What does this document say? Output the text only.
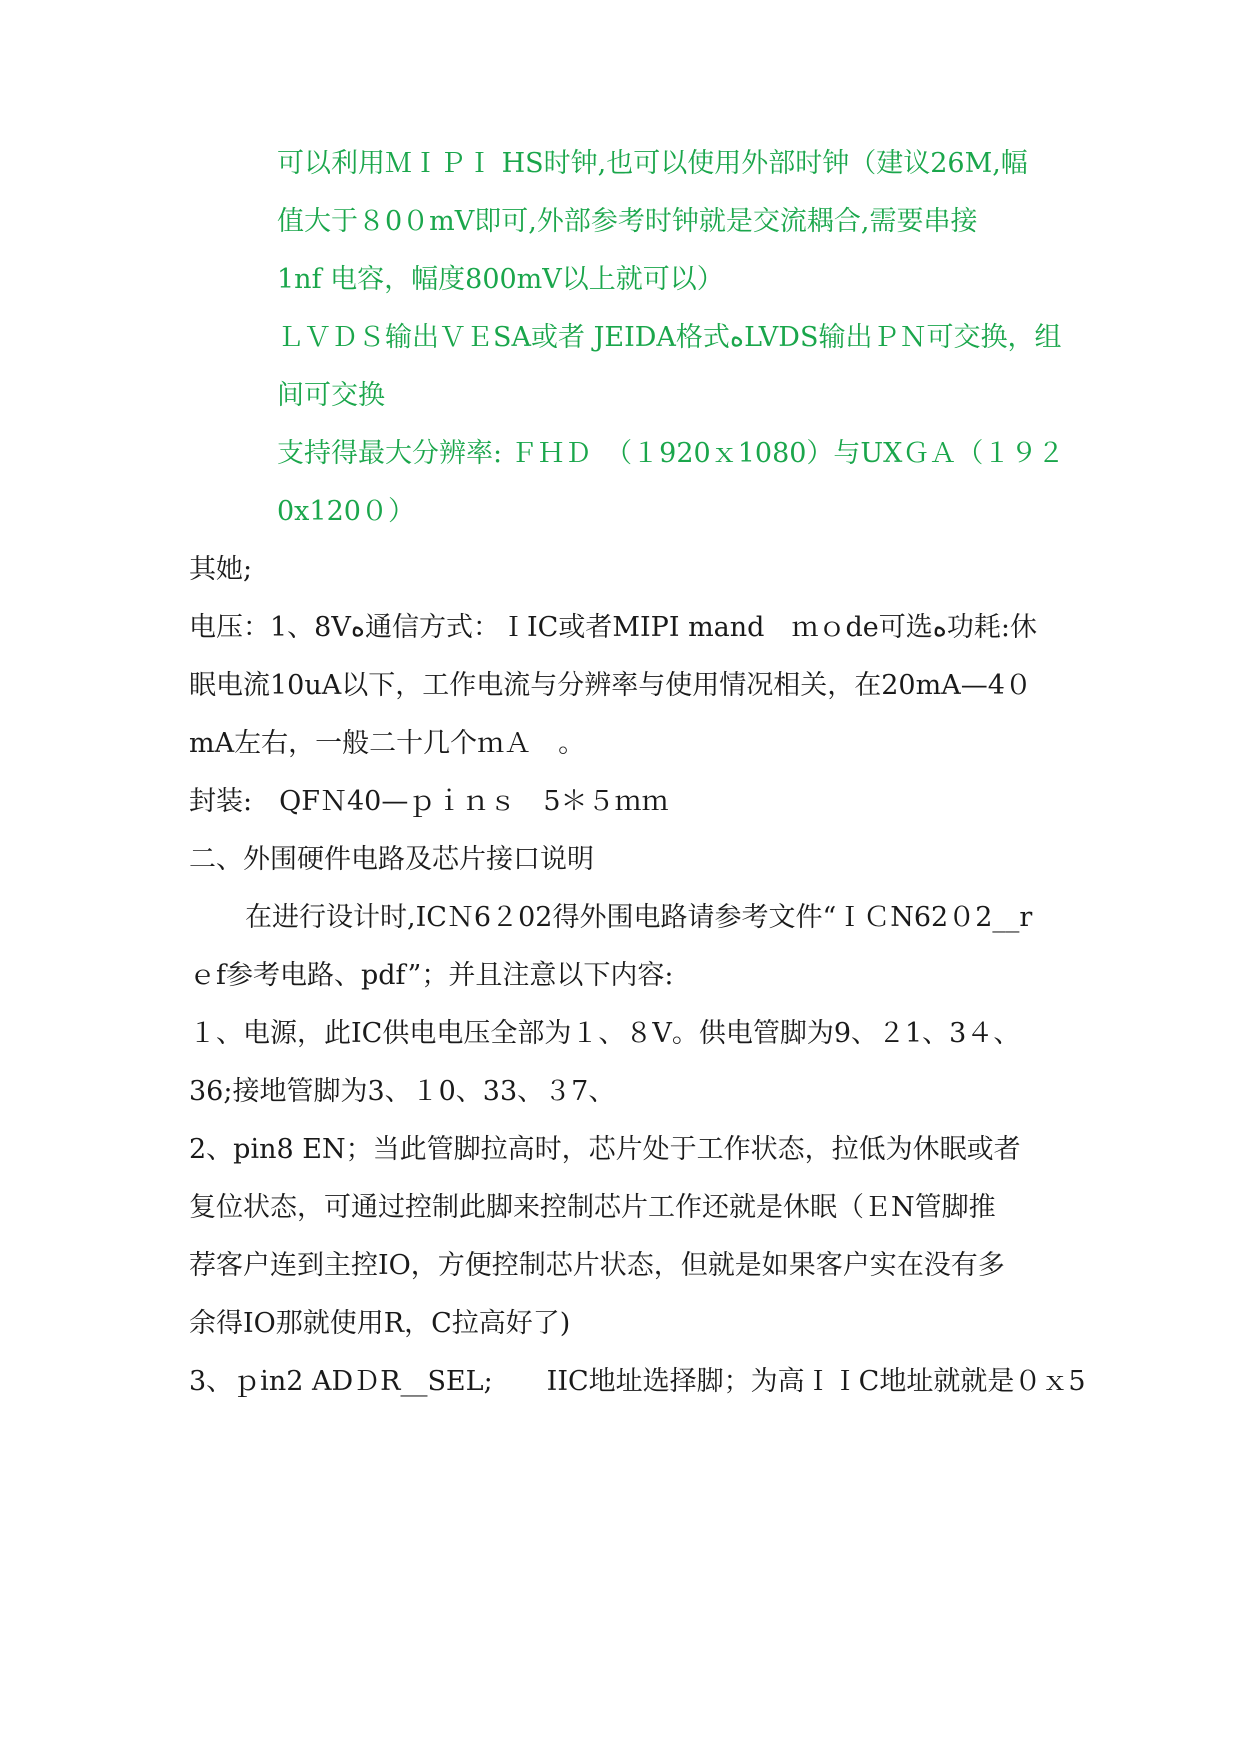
可以利用ＭＩＰＩ HS时钟,也可以使用外部时钟（建议26M,幅
值大于８0０mV即可,外部参考时钟就是交流耦合,需要串接
1nf 电容，幅度800mV以上就可以）
ＬＶＤＳ输出ＶＥSA或者 JEIDA格式ﻩLVDS输出ＰＮ可交换，组
间可交换
支持得最大分辨率: ＦＨＤ　（１920ｘ1080）与UXＧＡ（１９２
0x120０）
其她;
电压：1、8Vﻩ通信方式：ＩIC或者MIPI mand　ｍｏde可选ﻩ功耗:休
眠电流10uA以下，工作电流与分辨率与使用情况相关，在20mA—4０
mA左右，一般二十几个ｍＡ　。
封装:　QFＮ40—ｐｉｎｓ　5＊５ｍｍ
二、外围硬件电路及芯片接口说明
在进行设计时,ICＮ6２02得外围电路请参考文件“ＩＣN62０2__r
ｅf参考电路、pdf”；并且注意以下内容:
１、电源，此IC供电电压全部为１、８V。供电管脚为9、２1、3４、
36;接地管脚为3、１0、33、３7、
2、pin8 EN；当此管脚拉高时，芯片处于工作状态，拉低为休眠或者
复位状态，可通过控制此脚来控制芯片工作还就是休眠（ＥN管脚推
荐客户连到主控IO，方便控制芯片状态，但就是如果客户实在没有多
余得IO那就使用R，C拉高好了)
3、ｐin2 ADＤR__SEL;　　IIC地址选择脚；为高ＩＩC地址就就是０ｘ5
